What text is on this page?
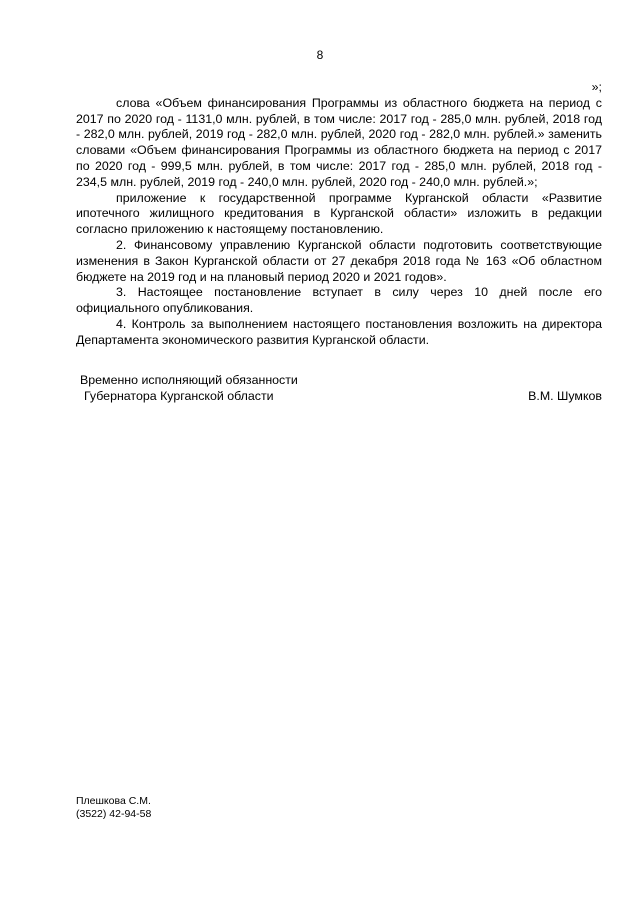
8

»;

слова «Объем финансирования Программы из областного бюджета на период с 2017 по 2020 год - 1131,0 млн. рублей, в том числе: 2017 год - 285,0 млн. рублей, 2018 год - 282,0 млн. рублей, 2019 год - 282,0 млн. рублей, 2020 год - 282,0 млн. рублей.» заменить словами «Объем финансирования Программы из областного бюджета на период с 2017 по 2020 год - 999,5 млн. рублей, в том числе: 2017 год - 285,0 млн. рублей, 2018 год - 234,5 млн. рублей, 2019 год - 240,0 млн. рублей, 2020 год - 240,0 млн. рублей.»;

приложение к государственной программе Курганской области «Развитие ипотечного жилищного кредитования в Курганской области» изложить в редакции согласно приложению к настоящему постановлению.

2. Финансовому управлению Курганской области подготовить соответствующие изменения в Закон Курганской области от 27 декабря 2018 года № 163 «Об областном бюджете на 2019 год и на плановый период 2020 и 2021 годов».

3. Настоящее постановление вступает в силу через 10 дней после его официального опубликования.

4. Контроль за выполнением настоящего постановления возложить на директора Департамента экономического развития Курганской области.

Временно исполняющий обязанности
Губернатора Курганской области	В.М. Шумков
Плешкова С.М.
(3522) 42-94-58
